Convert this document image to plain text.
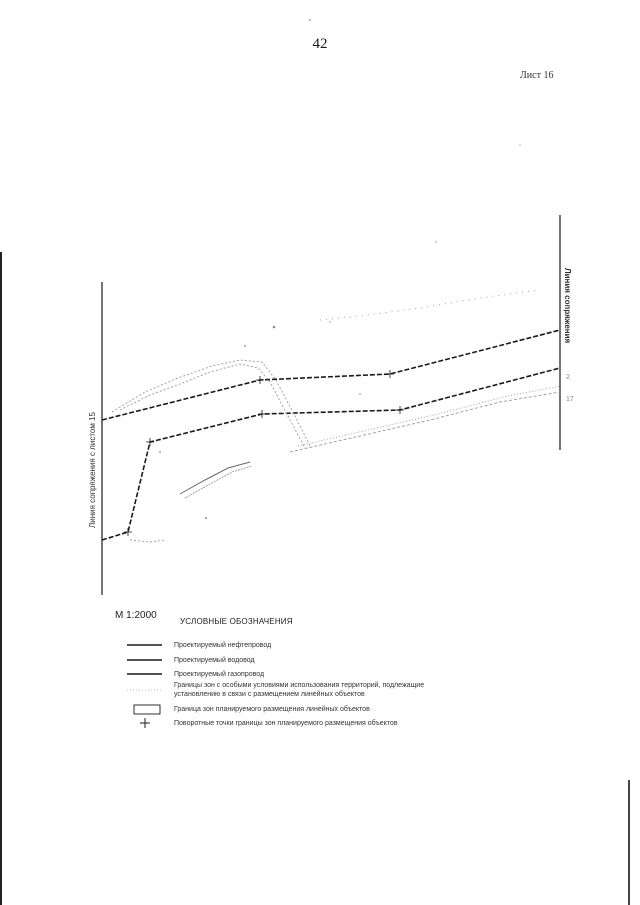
42
Лист 16
Линия сопряжения с листом 15
Линия сопряжения
17
2
М 1:2000
УСЛОВНЫЕ ОБОЗНАЧЕНИЯ
Проектируемый нефтепровод
Проектируемый водовод
Проектируемый газопровод
Границы зон с особыми условиями использования территорий, подлежащие установлению в связи с размещением линейных объектов
Граница зон планируемого размещения линейных объектов
Поворотные точки границы зон планируемого размещения объектов
